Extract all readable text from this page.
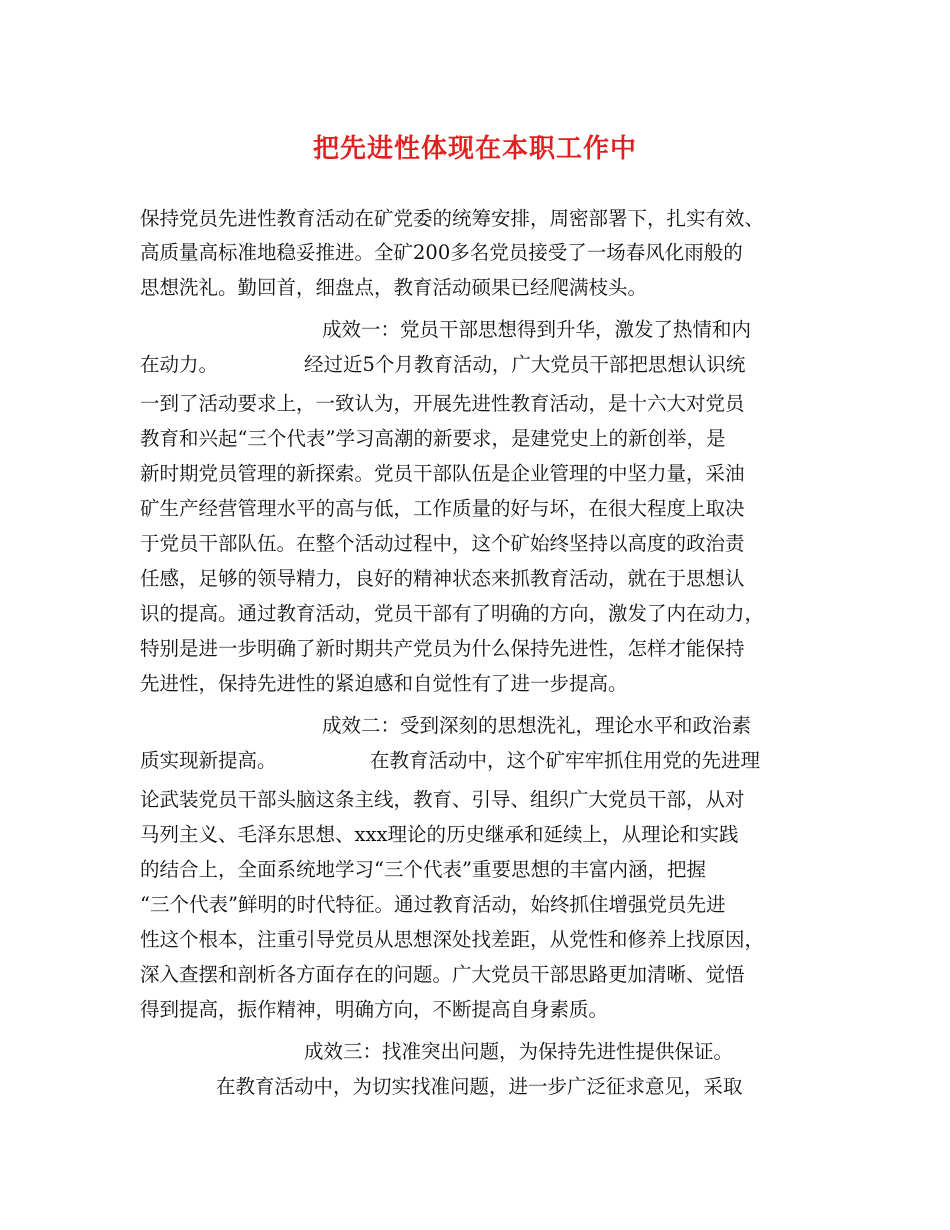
把先进性体现在本职工作中

保持党员先进性教育活动在矿党委的统筹安排，周密部署下，扎实有效、

高质量高标准地稳妥推进。全矿200多名党员接受了一场春风化雨般的

思想洗礼。勤回首，细盘点，教育活动硕果已经爬满枝头。

成效一：党员干部思想得到升华，激发了热情和内

在动力。	经过近5个月教育活动，广大党员干部把思想认识统

一到了活动要求上，一致认为，开展先进性教育活动，是十六大对党员

教育和兴起“三个代表”学习高潮的新要求，是建党史上的新创举，是

新时期党员管理的新探索。党员干部队伍是企业管理的中坚力量，采油

矿生产经营管理水平的高与低，工作质量的好与坏，在很大程度上取决

于党员干部队伍。在整个活动过程中，这个矿始终坚持以高度的政治责

任感，足够的领导精力，良好的精神状态来抓教育活动，就在于思想认

识的提高。通过教育活动，党员干部有了明确的方向，激发了内在动力，

特别是进一步明确了新时期共产党员为什么保持先进性，怎样才能保持

先进性，保持先进性的紧迫感和自觉性有了进一步提高。

成效二：受到深刻的思想洗礼，理论水平和政治素

质实现新提高。	在教育活动中，这个矿牢牢抓住用党的先进理

论武装党员干部头脑这条主线，教育、引导、组织广大党员干部，从对

马列主义、毛泽东思想、xxx理论的历史继承和延续上，从理论和实践

的结合上，全面系统地学习“三个代表”重要思想的丰富内涵，把握

“三个代表”鲜明的时代特征。通过教育活动，始终抓住增强党员先进

性这个根本，注重引导党员从思想深处找差距，从党性和修养上找原因，

深入查摆和剖析各方面存在的问题。广大党员干部思路更加清晰、觉悟

得到提高，振作精神，明确方向，不断提高自身素质。

成效三：找准突出问题，为保持先进性提供保证。

在教育活动中，为切实找准问题，进一步广泛征求意见，采取
